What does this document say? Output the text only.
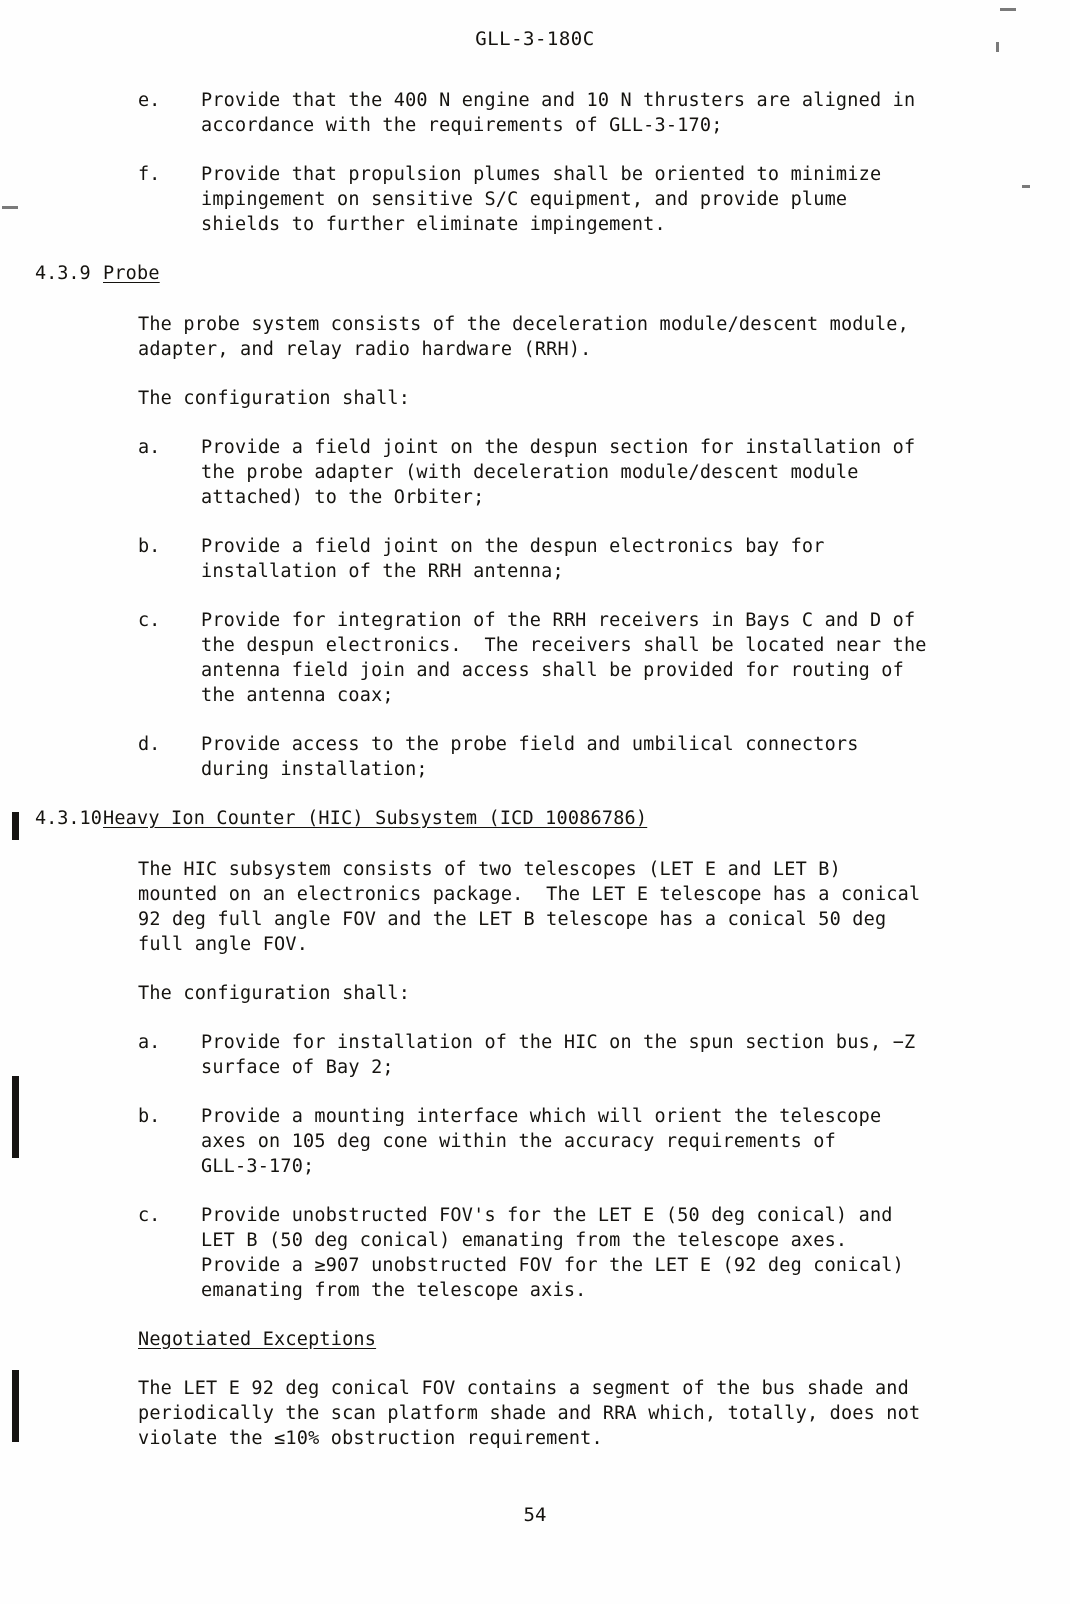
GLL-3-180C
e.	Provide that the 400 N engine and 10 N thrusters are aligned in
accordance with the requirements of GLL-3-170;
f.	Provide that propulsion plumes shall be oriented to minimize
impingement on sensitive S/C equipment, and provide plume
shields to further eliminate impingement.
4.3.9 Probe
The probe system consists of the deceleration module/descent module,
adapter, and relay radio hardware (RRH).
The configuration shall:
a.	Provide a field joint on the despun section for installation of
the probe adapter (with deceleration module/descent module
attached) to the Orbiter;
b.	Provide a field joint on the despun electronics bay for
installation of the RRH antenna;
c.	Provide for integration of the RRH receivers in Bays C and D of
the despun electronics.  The receivers shall be located near the
antenna field join and access shall be provided for routing of
the antenna coax;
d.	Provide access to the probe field and umbilical connectors
during installation;
4.3.10 Heavy Ion Counter (HIC) Subsystem (ICD 10086786)
The HIC subsystem consists of two telescopes (LET E and LET B)
mounted on an electronics package.  The LET E telescope has a conical
92 deg full angle FOV and the LET B telescope has a conical 50 deg
full angle FOV.
The configuration shall:
a.	Provide for installation of the HIC on the spun section bus, −Z
surface of Bay 2;
b.	Provide a mounting interface which will orient the telescope
axes on 105 deg cone within the accuracy requirements of
GLL-3-170;
c.	Provide unobstructed FOV's for the LET E (50 deg conical) and
LET B (50 deg conical) emanating from the telescope axes.
Provide a ≥907 unobstructed FOV for the LET E (92 deg conical)
emanating from the telescope axis.
Negotiated Exceptions
The LET E 92 deg conical FOV contains a segment of the bus shade and
periodically the scan platform shade and RRA which, totally, does not
violate the ≤10% obstruction requirement.
54
